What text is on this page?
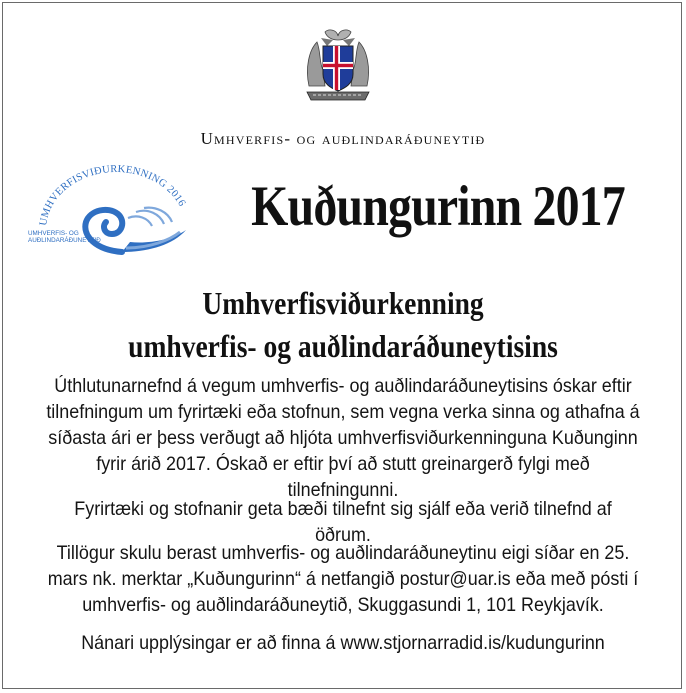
Umhverfis- og auðlindaráðuneytið
UMHVERFISVIÐURKENNING 2016
UMHVERFIS- OG
AUÐLINDARÁÐUNEYTIÐ
Kuðungurinn 2017
Umhverfisviðurkenning
umhverfis- og auðlindaráðuneytisins
Úthlutunarnefnd á vegum umhverfis- og auðlindaráðuneytisins óskar eftir tilnefningum um fyrirtæki eða stofnun, sem vegna verka sinna og athafna á síðasta ári er þess verðugt að hljóta umhverfisviðurkenninguna Kuðunginn fyrir árið 2017. Óskað er eftir því að stutt greinargerð fylgi með tilnefningunni.
Fyrirtæki og stofnanir geta bæði tilnefnt sig sjálf eða verið tilnefnd af öðrum.
Tillögur skulu berast umhverfis- og auðlindaráðuneytinu eigi síðar en 25. mars nk. merktar „Kuðungurinn“ á netfangið postur@uar.is eða með pósti í umhverfis- og auðlindaráðuneytið, Skuggasundi 1, 101 Reykjavík.
Nánari upplýsingar er að finna á www.stjornarradid.is/kudungurinn
